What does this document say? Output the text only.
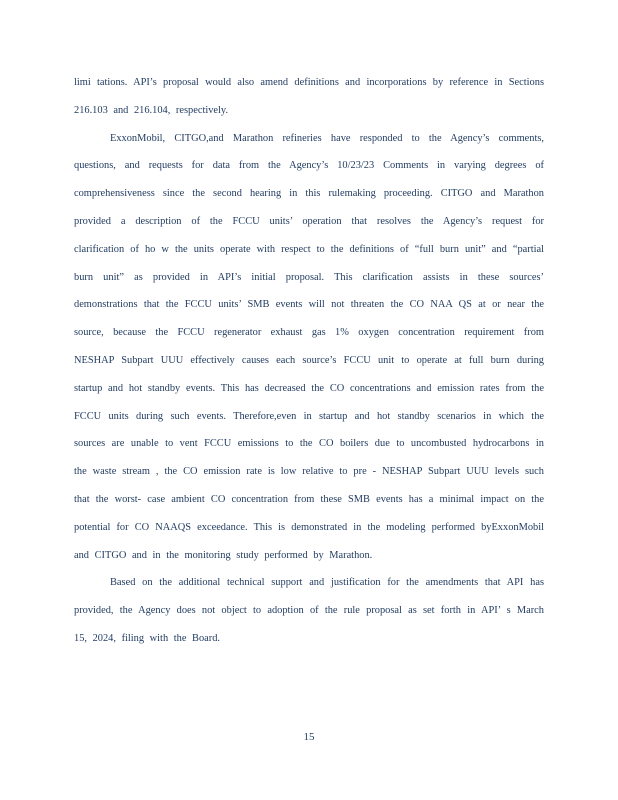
limi tations. API’s proposal would also amend definitions and incorporations by reference in Sections 216.103 and 216.104, respectively.

ExxonMobil, CITGO,and Marathon refineries have responded to the Agency’s comments, questions, and requests for data from the Agency’s 10/23/23 Comments in varying degrees of comprehensiveness since the second hearing in this rulemaking proceeding. CITGO and Marathon provided a description of the FCCU units’ operation that resolves the Agency’s request for clarification of ho w the units operate with respect to the definitions of “full burn unit” and “partial burn unit” as provided in API’s initial proposal. This clarification assists in these sources’ demonstrations that the FCCU units’ SMB events will not threaten the CO NAA QS at or near the source, because the FCCU regenerator exhaust gas 1% oxygen concentration requirement from NESHAP Subpart UUU effectively causes each source’s FCCU unit to operate at full burn during startup and hot standby events. This has decreased the CO concentrations and emission rates from the FCCU units during such events. Therefore,even in startup and hot standby scenarios in which the sources are unable to vent FCCU emissions to the CO boilers due to uncombusted hydrocarbons in the waste stream , the CO emission rate is low relative to pre - NESHAP Subpart UUU levels such that the worst- case ambient CO concentration from these SMB events has a minimal impact on the potential for CO NAAQS exceedance. This is demonstrated in the modeling performed byExxonMobil and CITGO and in the monitoring study performed by Marathon.

Based on the additional technical support and justification for the amendments that API has provided, the Agency does not object to adoption of the rule proposal as set forth in API’ s March 15, 2024, filing with the Board.

15
